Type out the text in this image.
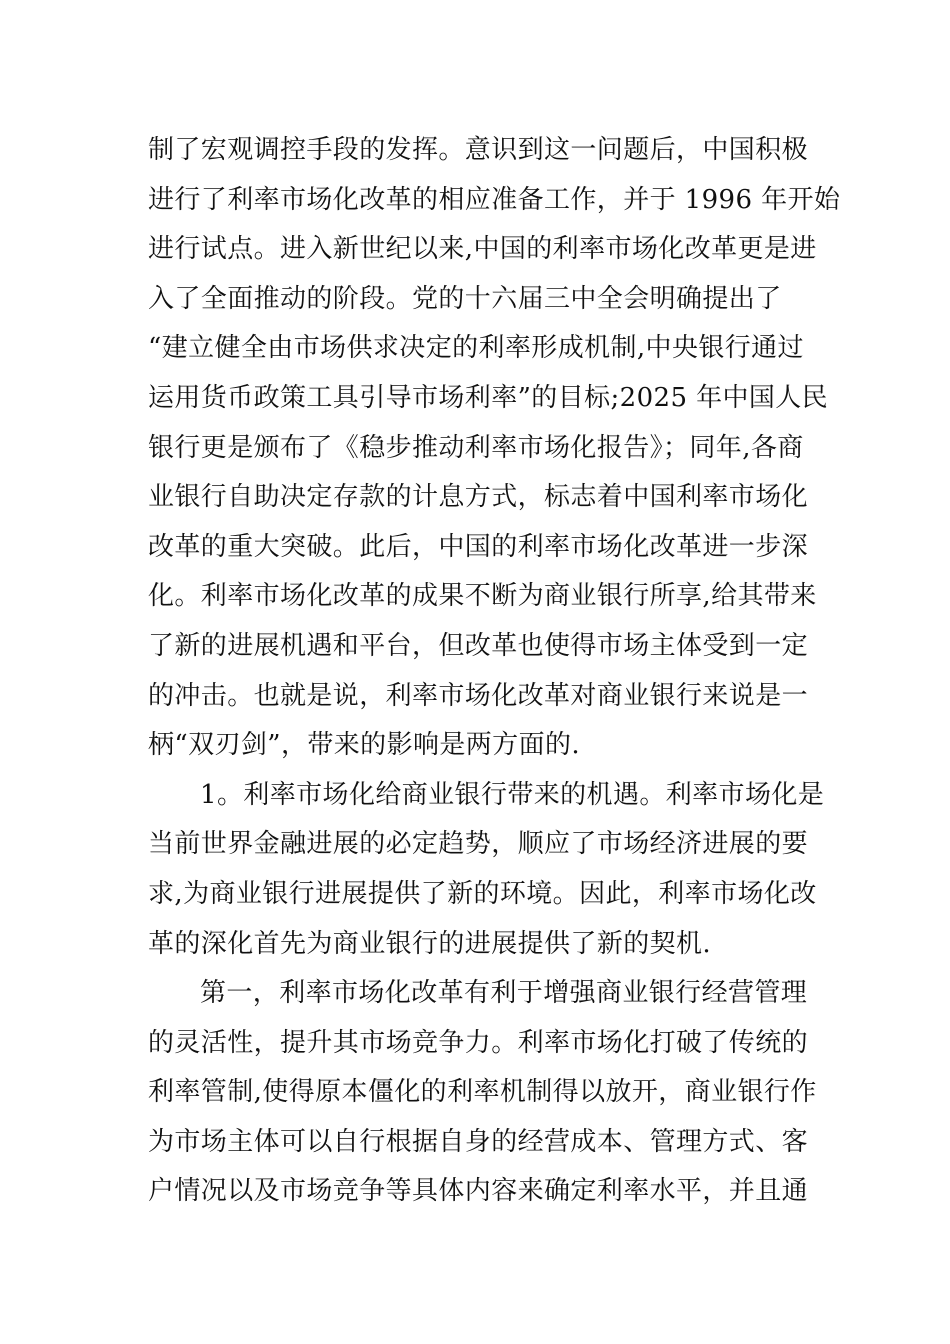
制了宏观调控手段的发挥。意识到这一问题后，中国积极
进行了利率市场化改革的相应准备工作，并于 1996 年开始
进行试点。进入新世纪以来,中国的利率市场化改革更是进
入了全面推动的阶段。党的十六届三中全会明确提出了
“建立健全由市场供求决定的利率形成机制,中央银行通过
运用货币政策工具引导市场利率”的目标;2025 年中国人民
银行更是颁布了《稳步推动利率市场化报告》；同年,各商
业银行自助决定存款的计息方式，标志着中国利率市场化
改革的重大突破。此后，中国的利率市场化改革进一步深
化。利率市场化改革的成果不断为商业银行所享,给其带来
了新的进展机遇和平台，但改革也使得市场主体受到一定
的冲击。也就是说，利率市场化改革对商业银行来说是一
柄“双刃剑”，带来的影响是两方面的.
1。利率市场化给商业银行带来的机遇。利率市场化是
当前世界金融进展的必定趋势，顺应了市场经济进展的要
求,为商业银行进展提供了新的环境。因此，利率市场化改
革的深化首先为商业银行的进展提供了新的契机.
第一，利率市场化改革有利于增强商业银行经营管理
的灵活性，提升其市场竞争力。利率市场化打破了传统的
利率管制,使得原本僵化的利率机制得以放开，商业银行作
为市场主体可以自行根据自身的经营成本、管理方式、客
户情况以及市场竞争等具体内容来确定利率水平，并且通
